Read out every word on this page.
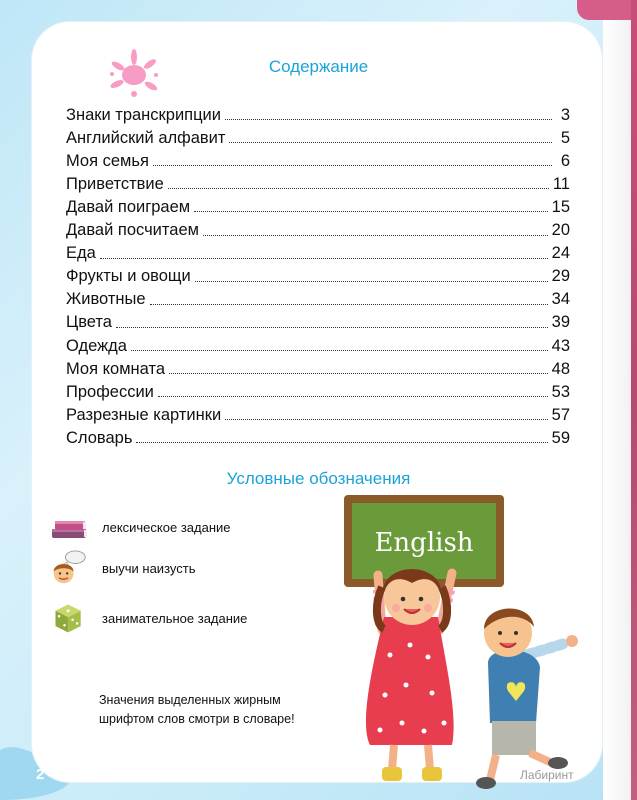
Содержание
Знаки транскрипции	3
Английский алфавит	5
Моя семья	6
Приветствие	11
Давай поиграем	15
Давай посчитаем	20
Еда	24
Фрукты и овощи	29
Животные	34
Цвета	39
Одежда	43
Моя комната	48
Профессии	53
Разрезные картинки	57
Словарь	59
Условные обозначения
лексическое задание
выучи наизусть
занимательное задание
Значения выделенных жирным
шрифтом слов смотри в словаре!
English
2	Лабиринт
